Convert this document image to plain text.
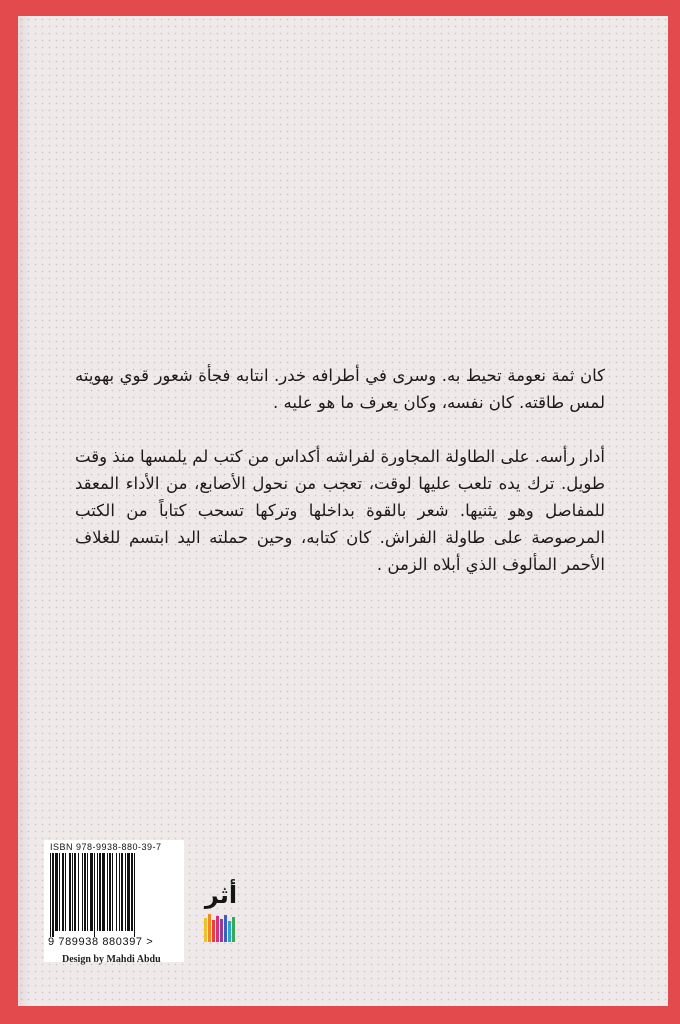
كان ثمة نعومة تحيط به. وسرى في أطرافه خدر. انتابه فجأة شعور قوي بهويته لمس طاقته. كان نفسه، وكان يعرف ما هو عليه .

أدار رأسه. على الطاولة المجاورة لفراشه أكداس من كتب لم يلمسها منذ وقت طويل. ترك يده تلعب عليها لوقت، تعجب من نحول الأصابع، من الأداء المعقد للمفاصل وهو يثنيها. شعر بالقوة بداخلها وتركها تسحب كتاباً من الكتب المرصوصة على طاولة الفراش. كان كتابه، وحين حملته اليد ابتسم للغلاف الأحمر المألوف الذي أبلاه الزمن .

ISBN 978-9938-880-39-7
9 789938 880397 >
Design by Mahdi Abdu
أثر
